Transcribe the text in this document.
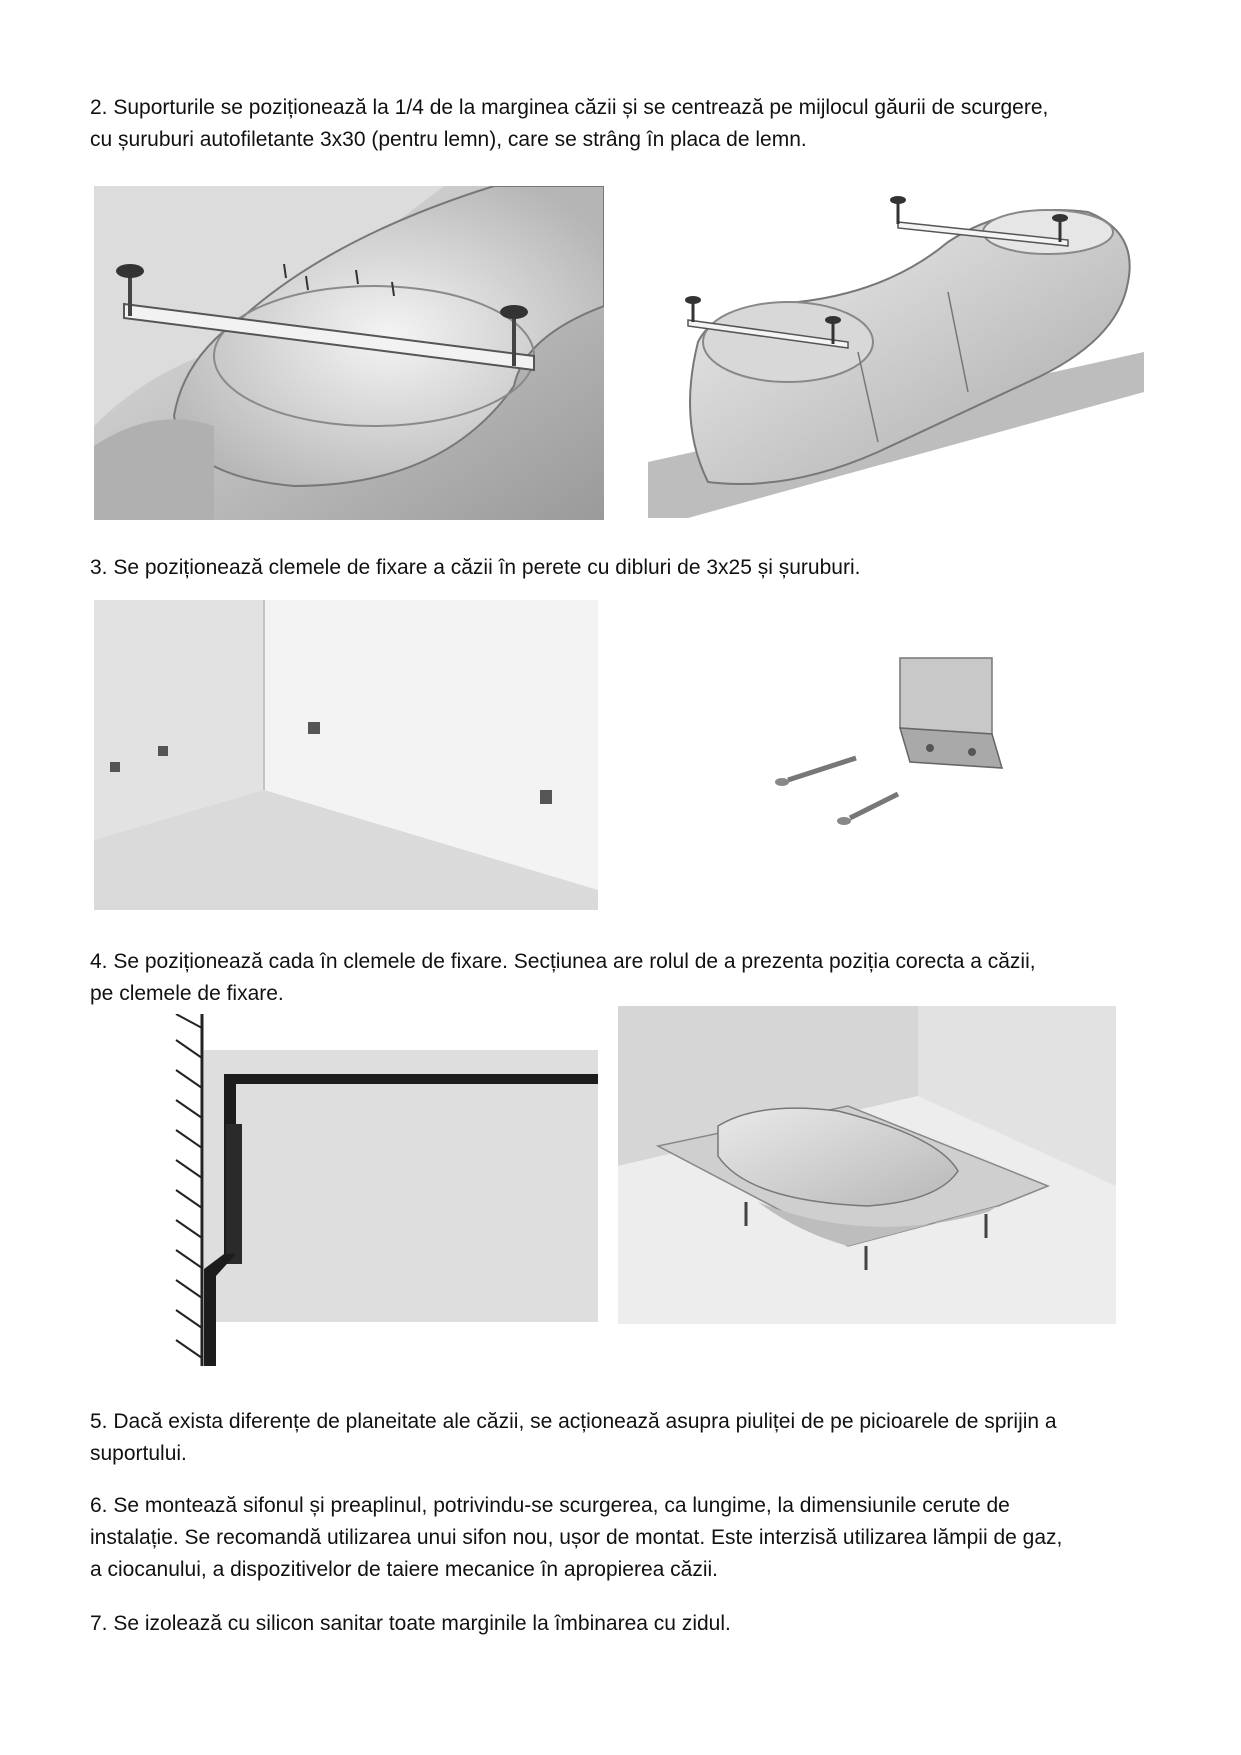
2. Suporturile se poziționează la 1/4 de la marginea căzii și se centrează pe mijlocul găurii de scurgere,
cu șuruburi autofiletante 3x30 (pentru lemn), care se strâng în placa de lemn.

3. Se poziționează clemele de fixare a căzii în perete cu dibluri de 3x25 și șuruburi.

4. Se poziționează cada în clemele de fixare. Secțiunea are rolul de a prezenta poziția corecta a căzii,
pe clemele de fixare.

5. Dacă exista diferențe de planeitate ale căzii, se acționează asupra piuliței de pe picioarele de sprijin a
suportului.

6. Se montează sifonul și preaplinul, potrivindu-se scurgerea, ca lungime, la dimensiunile cerute de
instalație. Se recomandă utilizarea unui sifon nou, ușor de montat. Este interzisă utilizarea lămpii de gaz,
a ciocanului, a dispozitivelor de taiere mecanice în apropierea căzii.

7. Se izolează cu silicon sanitar toate marginile la îmbinarea cu zidul.
